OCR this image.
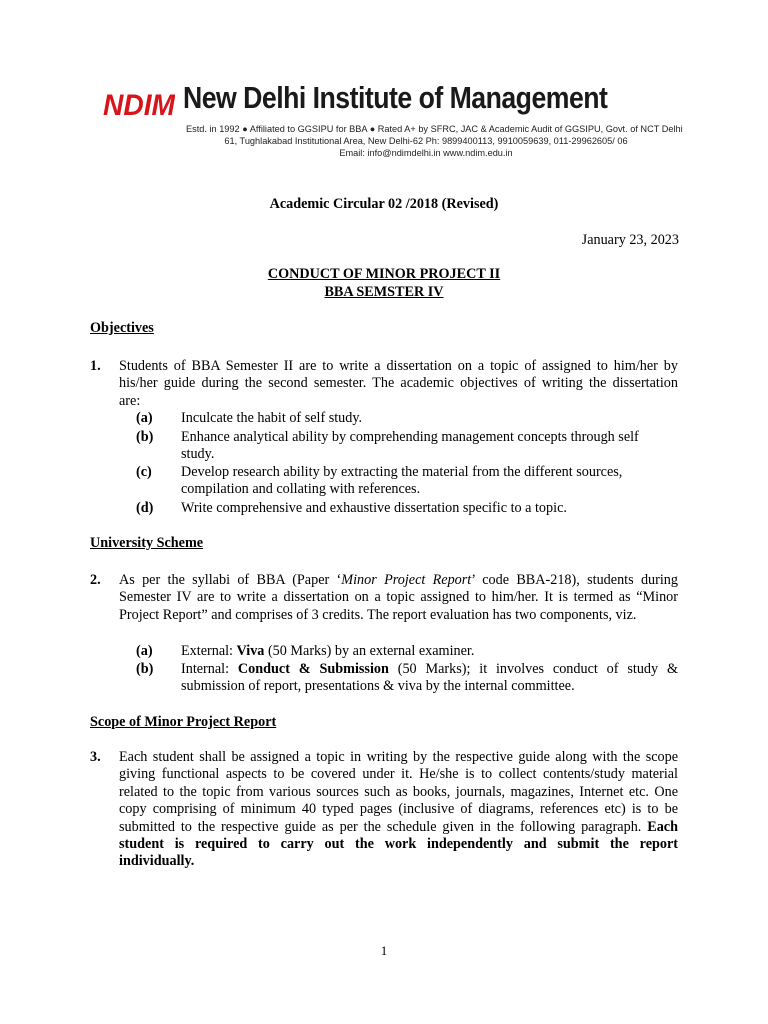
NDIM New Delhi Institute of Management
Estd. in 1992 ● Affiliated to GGSIPU for BBA ● Rated A+ by SFRC, JAC & Academic Audit of GGSIPU, Govt. of NCT Delhi
61, Tughlakabad Institutional Area, New Delhi-62 Ph: 9899400113, 9910059639, 011-29962605/ 06
Email: info@ndimdelhi.in www.ndim.edu.in
Academic Circular 02 /2018 (Revised)
January 23, 2023
CONDUCT OF MINOR PROJECT II
BBA SEMSTER IV
Objectives
1. Students of BBA Semester II are to write a dissertation on a topic of assigned to him/her by
his/her guide during the second semester. The academic objectives of writing the dissertation
are:
(a) Inculcate the habit of self study.
(b) Enhance analytical ability by comprehending management concepts through self
study.
(c) Develop research ability by extracting the material from the different sources,
compilation and collating with references.
(d) Write comprehensive and exhaustive dissertation specific to a topic.
University Scheme
2. As per the syllabi of BBA (Paper ‘Minor Project Report’ code BBA-218), students during
Semester IV are to write a dissertation on a topic assigned to him/her. It is termed as “Minor
Project Report” and comprises of 3 credits. The report evaluation has two components, viz.
(a) External: Viva (50 Marks) by an external examiner.
(b) Internal: Conduct & Submission (50 Marks); it involves conduct of study &
submission of report, presentations & viva by the internal committee.
Scope of Minor Project Report
3. Each student shall be assigned a topic in writing by the respective guide along with the scope
giving functional aspects to be covered under it. He/she is to collect contents/study material
related to the topic from various sources such as books, journals, magazines, Internet etc. One
copy comprising of minimum 40 typed pages (inclusive of diagrams, references etc) is to be
submitted to the respective guide as per the schedule given in the following paragraph. Each
student is required to carry out the work independently and submit the report
individually.
1
